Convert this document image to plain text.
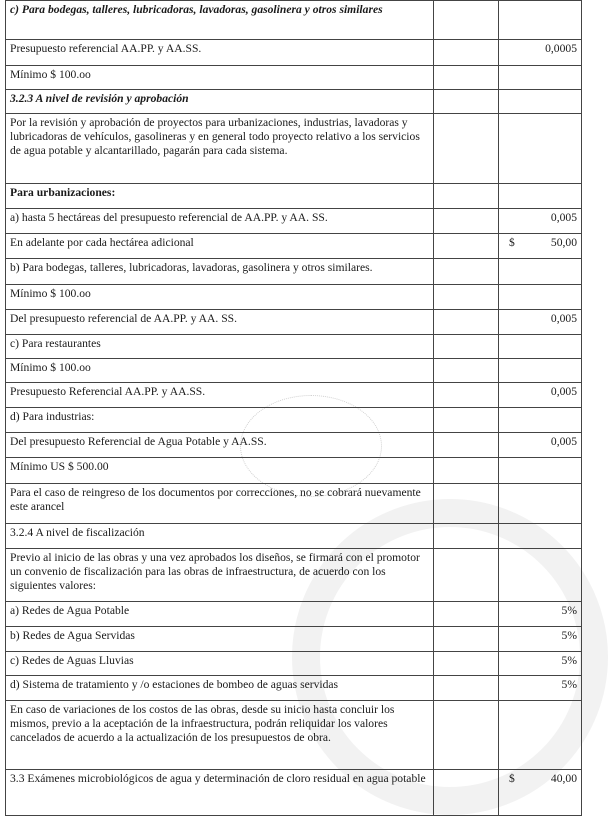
c) Para bodegas, talleres, lubricadoras, lavadoras, gasolinera y otros similares		
Presupuesto referencial AA.PP. y AA.SS.		0,0005
Mínimo $ 100.oo		
3.2.3 A nivel de revisión y aprobación		
Por la revisión y aprobación de proyectos para urbanizaciones, industrias, lavadoras y lubricadoras de vehículos, gasolineras y en general todo proyecto relativo a los servicios de agua potable y alcantarillado, pagarán para cada sistema.		
Para urbanizaciones:		
a) hasta 5 hectáreas del presupuesto referencial de AA.PP. y AA. SS.		0,005
En adelante por cada hectárea adicional		$ 50,00

b) Para bodegas, talleres, lubricadoras, lavadoras, gasolinera y otros similares.		
Mínimo $ 100.oo		
Del presupuesto referencial de AA.PP. y AA. SS.		0,005
c) Para restaurantes		
Mínimo $ 100.oo		
Presupuesto Referencial AA.PP. y AA.SS.		0,005
d) Para industrias:		
Del presupuesto Referencial de Agua Potable y AA.SS.		0,005
Mínimo US $ 500.00		
Para el caso de reingreso de los documentos por correcciones, no se cobrará nuevamente este arancel		
3.2.4 A nivel de fiscalización		
Previo al inicio de las obras y una vez aprobados los diseños, se firmará con el promotor un convenio de fiscalización para las obras de infraestructura, de acuerdo con los siguientes valores:		
a) Redes de Agua Potable		5%
b) Redes de Agua Servidas		5%
c) Redes de Aguas Lluvias		5%
d) Sistema de tratamiento y /o estaciones de bombeo de aguas servidas		5%
En caso de variaciones de los costos de las obras, desde su inicio hasta concluir los mismos, previo a la aceptación de la infraestructura, podrán reliquidar los valores cancelados de acuerdo a la actualización de los presupuestos de obra.		
3.3 Exámenes microbiológicos de agua y determinación de cloro residual en agua potable		$ 40,00
